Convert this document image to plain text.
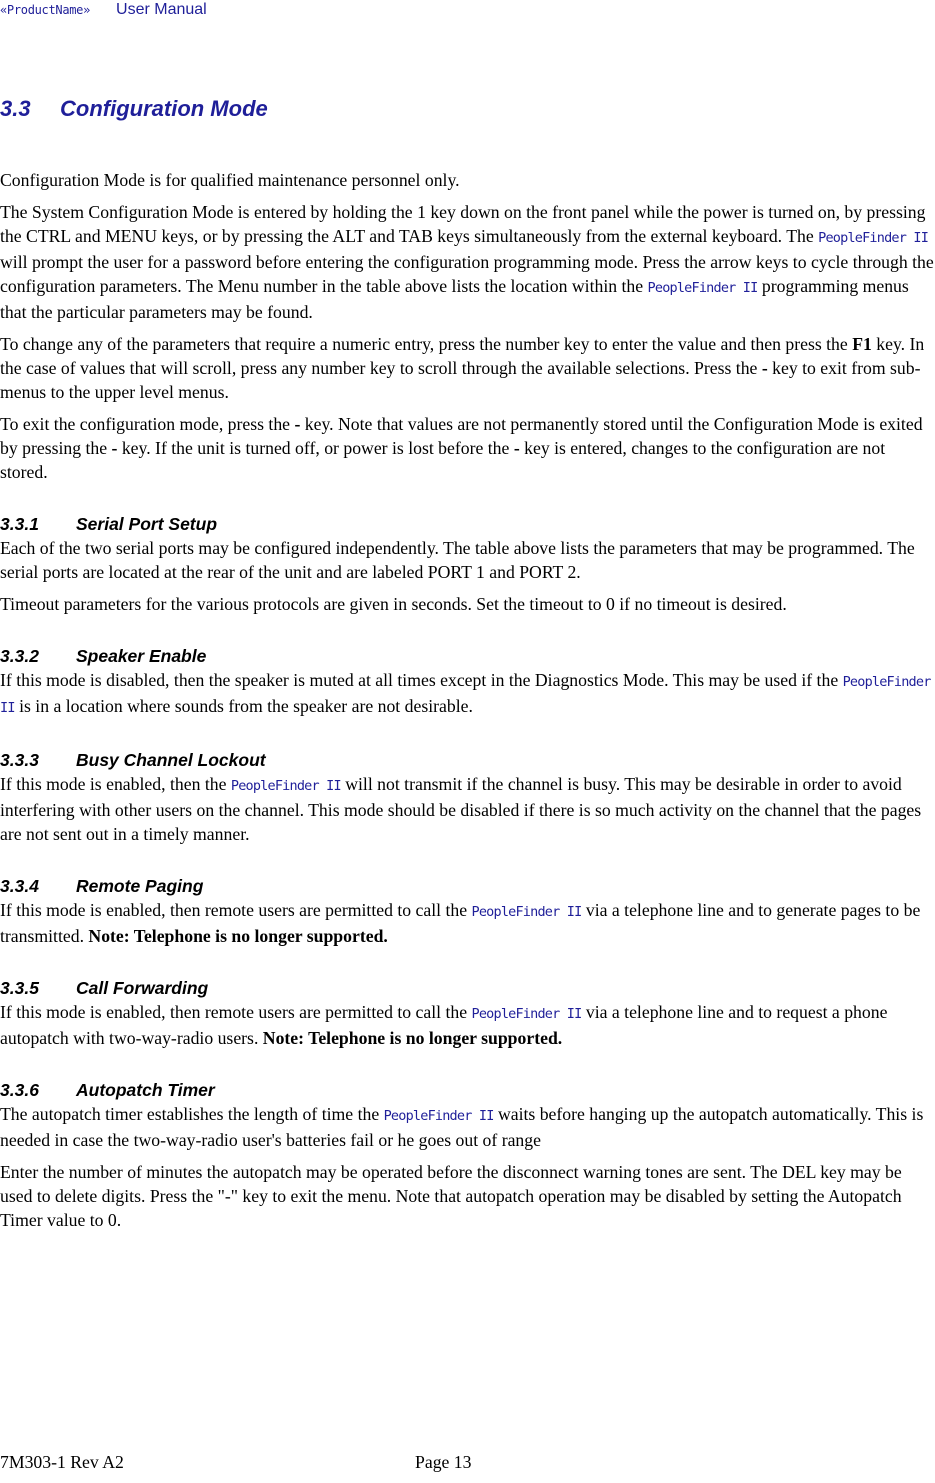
«ProductName» User Manual
3.3 Configuration Mode

Configuration Mode is for qualified maintenance personnel only.

The System Configuration Mode is entered by holding the 1 key down on the front panel while the power is turned on, by pressing the CTRL and MENU keys, or by pressing the ALT and TAB keys simultaneously from the external keyboard. The PeopleFinder II will prompt the user for a password before entering the configuration programming mode. Press the arrow keys to cycle through the configuration parameters. The Menu number in the table above lists the location within the PeopleFinder II programming menus that the particular parameters may be found.

To change any of the parameters that require a numeric entry, press the number key to enter the value and then press the F1 key. In the case of values that will scroll, press any number key to scroll through the available selections. Press the - key to exit from sub-menus to the upper level menus.

To exit the configuration mode, press the - key. Note that values are not permanently stored until the Configuration Mode is exited by pressing the - key. If the unit is turned off, or power is lost before the - key is entered, changes to the configuration are not stored.

3.3.1 Serial Port Setup

Each of the two serial ports may be configured independently. The table above lists the parameters that may be programmed. The serial ports are located at the rear of the unit and are labeled PORT 1 and PORT 2.

Timeout parameters for the various protocols are given in seconds. Set the timeout to 0 if no timeout is desired.

3.3.2 Speaker Enable

If this mode is disabled, then the speaker is muted at all times except in the Diagnostics Mode. This may be used if the PeopleFinder II is in a location where sounds from the speaker are not desirable.

3.3.3 Busy Channel Lockout

If this mode is enabled, then the PeopleFinder II will not transmit if the channel is busy. This may be desirable in order to avoid interfering with other users on the channel. This mode should be disabled if there is so much activity on the channel that the pages are not sent out in a timely manner.

3.3.4 Remote Paging

If this mode is enabled, then remote users are permitted to call the PeopleFinder II via a telephone line and to generate pages to be transmitted. Note: Telephone is no longer supported.

3.3.5 Call Forwarding

If this mode is enabled, then remote users are permitted to call the PeopleFinder II via a telephone line and to request a phone autopatch with two-way-radio users. Note: Telephone is no longer supported.

3.3.6 Autopatch Timer

The autopatch timer establishes the length of time the PeopleFinder II waits before hanging up the autopatch automatically. This is needed in case the two-way-radio user's batteries fail or he goes out of range

Enter the number of minutes the autopatch may be operated before the disconnect warning tones are sent. The DEL key may be used to delete digits. Press the "-" key to exit the menu. Note that autopatch operation may be disabled by setting the Autopatch Timer value to 0.

7M303-1 Rev A2	Page 13
